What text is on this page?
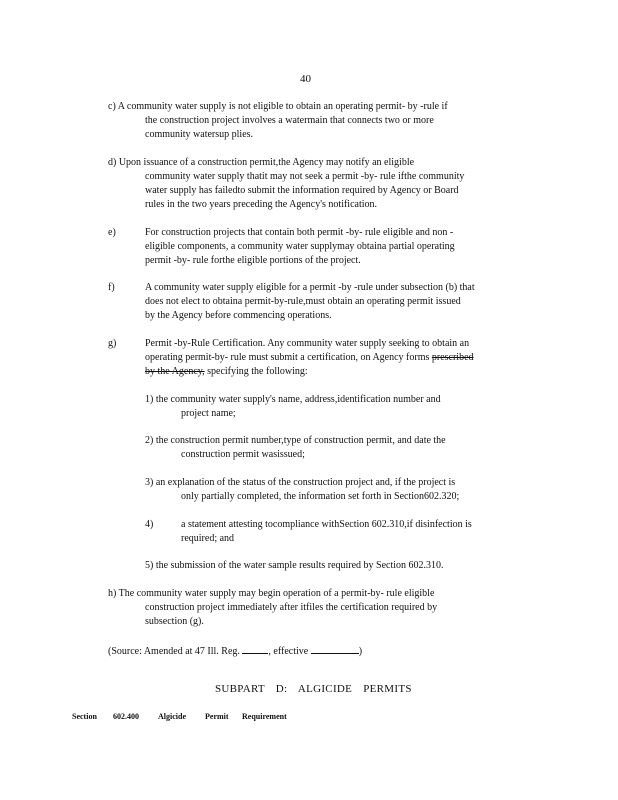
40
c) A community water supply is not eligible to obtain an operating permit- by -rule if
the construction project involves a watermain that connects two or more
community watersup plies.
d) Upon issuance of a construction permit,the Agency may notify an eligible
community water supply thatit may not seek a permit -by- rule ifthe community
water supply has failedto submit the information required by Agency or Board
rules in the two years preceding the Agency's notification.
e)	For construction projects that contain both permit -by- rule eligible and non -
eligible components, a community water supplymay obtaina partial operating
permit -by- rule forthe eligible portions of the project.
f)	A community water supply eligible for a permit -by -rule under subsection (b) that
does not elect to obtaina permit-by-rule,must obtain an operating permit issued
by the Agency before commencing operations.
g)	Permit -by-Rule Certification. Any community water supply seeking to obtain an
operating permit-by- rule must submit a certification, on Agency forms prescribed
by the Agency, specifying the following:
1) the community water supply's name, address,identification number and
project name;
2) the construction permit number,type of construction permit, and date the
construction permit wasissued;
3) an explanation of the status of the construction project and, if the project is
only partially completed, the information set forth in Section602.320;
4)	a statement attesting tocompliance withSection 602.310,if disinfection is
required; and
5) the submission of the water sample results required by Section 602.310.
h) The community water supply may begin operation of a permit-by- rule eligible
construction project immediately after itfiles the certification required by
subsection (g).
(Source: Amended at 47 Ill. Reg.	, effective	)
SUBPART D: ALGICIDE PERMITS
Section 602.400 Algicide Permit Requirement
